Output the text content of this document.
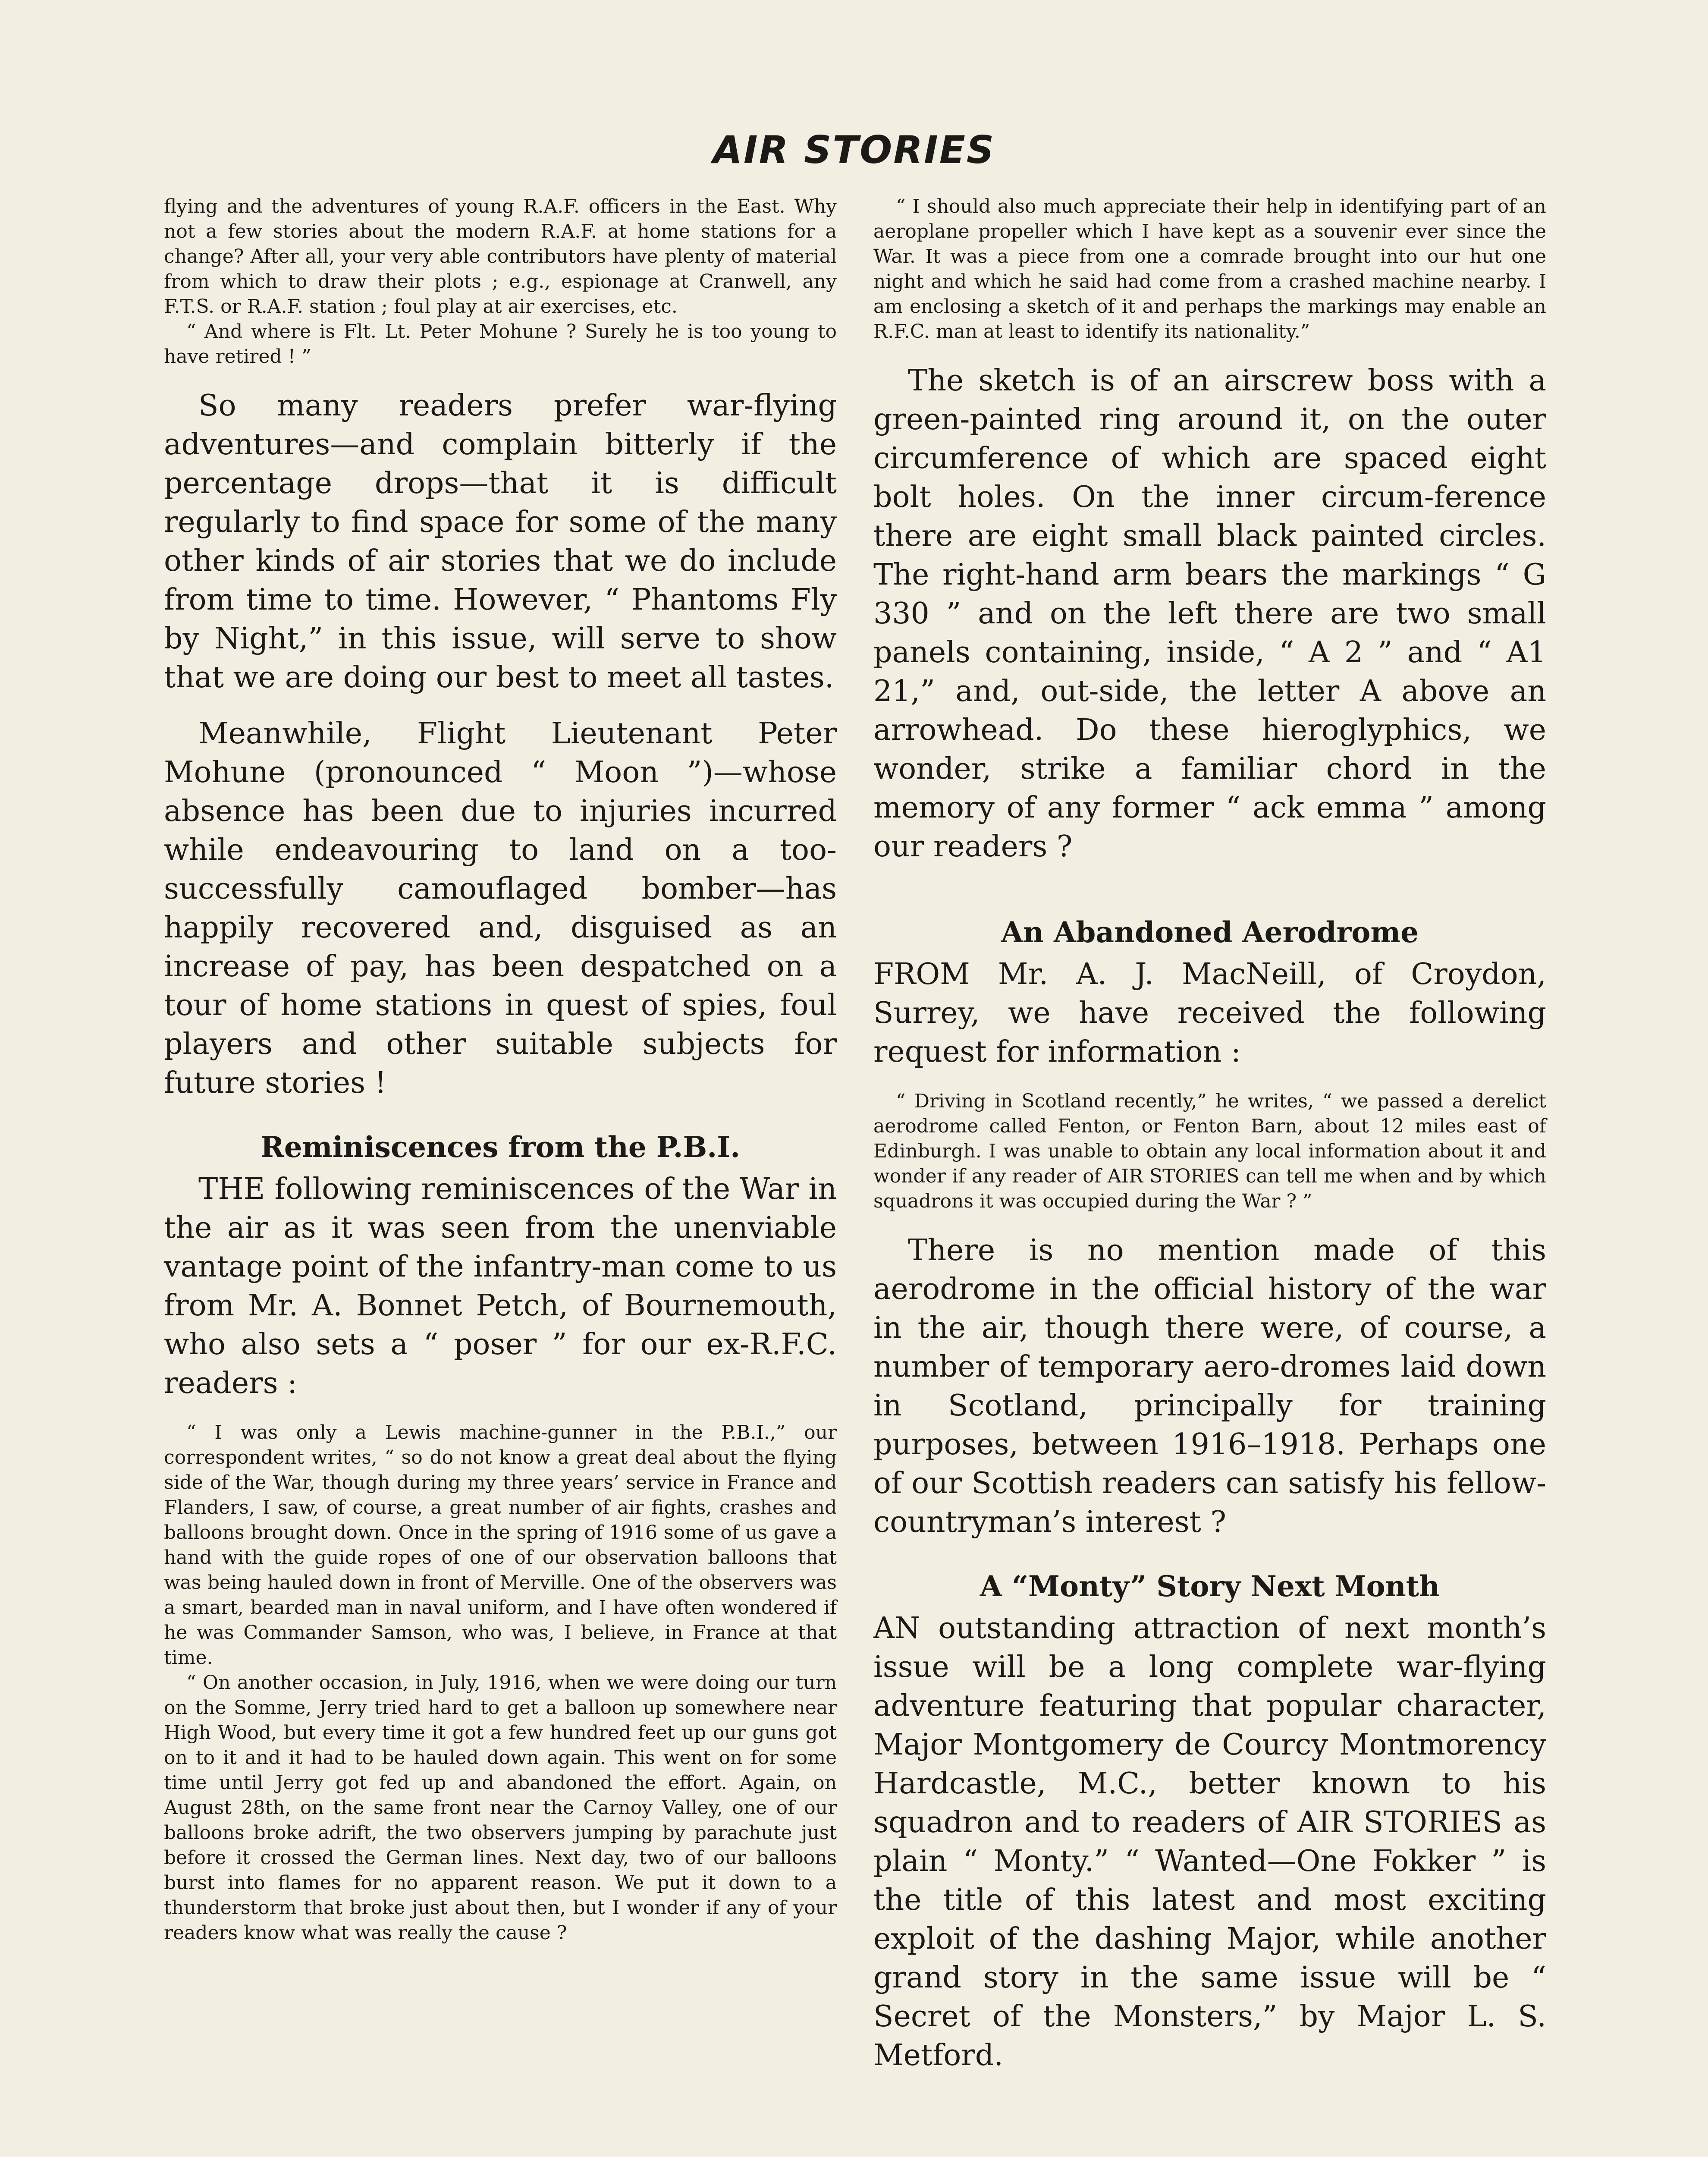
AIR STORIES

flying and the adventures of young R.A.F. officers in the East. Why not a few stories about the modern R.A.F. at home stations for a change? After all, your very able contributors have plenty of material from which to draw their plots ; e.g., espionage at Cranwell, any F.T.S. or R.A.F. station ; foul play at air exercises, etc.

“ And where is Flt. Lt. Peter Mohune ? Surely he is too young to have retired ! ”

So many readers prefer war-flying adventures—and complain bitterly if the percentage drops—that it is difficult regularly to find space for some of the many other kinds of air stories that we do include from time to time. However, “ Phantoms Fly by Night,” in this issue, will serve to show that we are doing our best to meet all tastes.

Meanwhile, Flight Lieutenant Peter Mohune (pronounced “ Moon ”)—whose absence has been due to injuries incurred while endeavouring to land on a too-successfully camouflaged bomber—has happily recovered and, disguised as an increase of pay, has been despatched on a tour of home stations in quest of spies, foul players and other suitable subjects for future stories !

Reminiscences from the P.B.I.

THE following reminiscences of the War in the air as it was seen from the unenviable vantage point of the infantry-man come to us from Mr. A. Bonnet Petch, of Bournemouth, who also sets a “ poser ” for our ex-R.F.C. readers :

“ I was only a Lewis machine-gunner in the P.B.I.,” our correspondent writes, “ so do not know a great deal about the flying side of the War, though during my three years’ service in France and Flanders, I saw, of course, a great number of air fights, crashes and balloons brought down. Once in the spring of 1916 some of us gave a hand with the guide ropes of one of our observation balloons that was being hauled down in front of Merville. One of the observers was a smart, bearded man in naval uniform, and I have often wondered if he was Commander Samson, who was, I believe, in France at that time.

“ On another occasion, in July, 1916, when we were doing our turn on the Somme, Jerry tried hard to get a balloon up somewhere near High Wood, but every time it got a few hundred feet up our guns got on to it and it had to be hauled down again. This went on for some time until Jerry got fed up and abandoned the effort. Again, on August 28th, on the same front near the Carnoy Valley, one of our balloons broke adrift, the two observers jumping by parachute just before it crossed the German lines. Next day, two of our balloons burst into flames for no apparent reason. We put it down to a thunderstorm that broke just about then, but I wonder if any of your readers know what was really the cause ?

“ I should also much appreciate their help in identifying part of an aeroplane propeller which I have kept as a souvenir ever since the War. It was a piece from one a comrade brought into our hut one night and which he said had come from a crashed machine nearby. I am enclosing a sketch of it and perhaps the markings may enable an R.F.C. man at least to identify its nationality.”

The sketch is of an airscrew boss with a green-painted ring around it, on the outer circumference of which are spaced eight bolt holes. On the inner circum-ference there are eight small black painted circles. The right-hand arm bears the markings “ G 330 ” and on the left there are two small panels containing, inside, “ A 2 ” and “ A1 21,” and, out-side, the letter A above an arrowhead. Do these hieroglyphics, we wonder, strike a familiar chord in the memory of any former “ ack emma ” among our readers ?

An Abandoned Aerodrome

FROM Mr. A. J. MacNeill, of Croydon, Surrey, we have received the following request for information :

“ Driving in Scotland recently,” he writes, “ we passed a derelict aerodrome called Fenton, or Fenton Barn, about 12 miles east of Edinburgh. I was unable to obtain any local information about it and wonder if any reader of AIR STORIES can tell me when and by which squadrons it was occupied during the War ? ”

There is no mention made of this aerodrome in the official history of the war in the air, though there were, of course, a number of temporary aero-dromes laid down in Scotland, principally for training purposes, between 1916–1918. Perhaps one of our Scottish readers can satisfy his fellow-countryman’s interest ?

A “Monty” Story Next Month

AN outstanding attraction of next month’s issue will be a long complete war-flying adventure featuring that popular character, Major Montgomery de Courcy Montmorency Hardcastle, M.C., better known to his squadron and to readers of AIR STORIES as plain “ Monty.” “ Wanted—One Fokker ” is the title of this latest and most exciting exploit of the dashing Major, while another grand story in the same issue will be “ Secret of the Monsters,” by Major L. S. Metford.
